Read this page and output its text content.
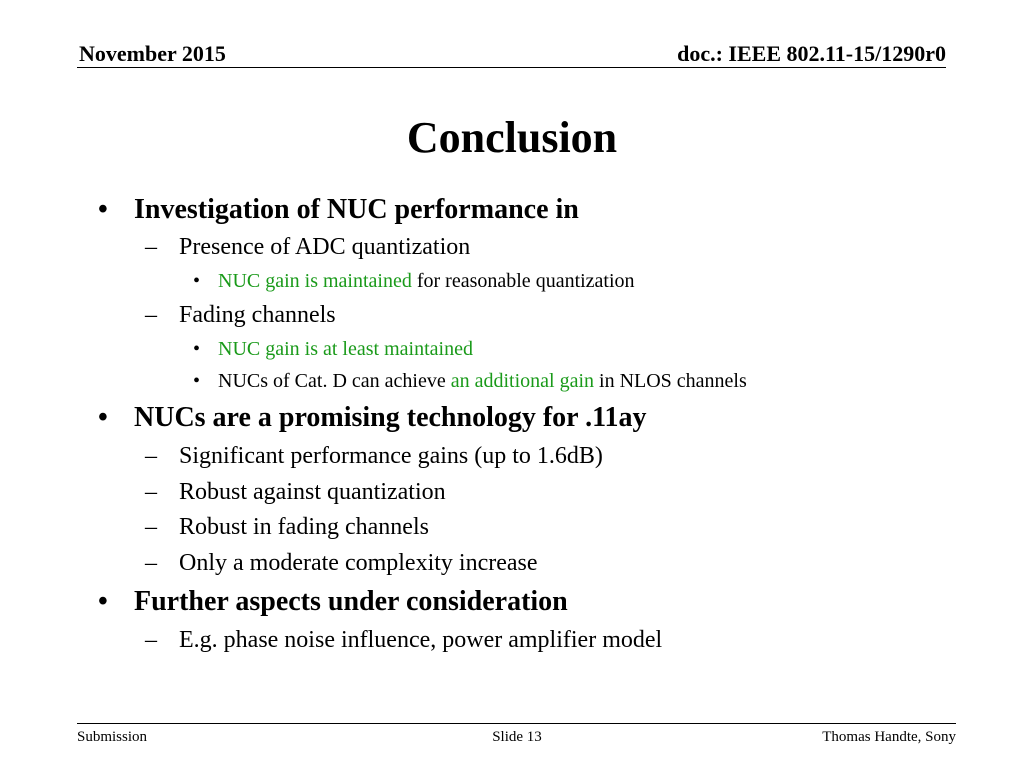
November 2015	doc.: IEEE 802.11-15/1290r0
Conclusion
• Investigation of NUC performance in
– Presence of ADC quantization
• NUC gain is maintained for reasonable quantization
– Fading channels
• NUC gain is at least maintained
• NUCs of Cat. D can achieve an additional gain in NLOS channels
• NUCs are a promising technology for .11ay
– Significant performance gains (up to 1.6dB)
– Robust against quantization
– Robust in fading channels
– Only a moderate complexity increase
• Further aspects under consideration
– E.g. phase noise influence, power amplifier model
Submission	Slide 13	Thomas Handte, Sony
